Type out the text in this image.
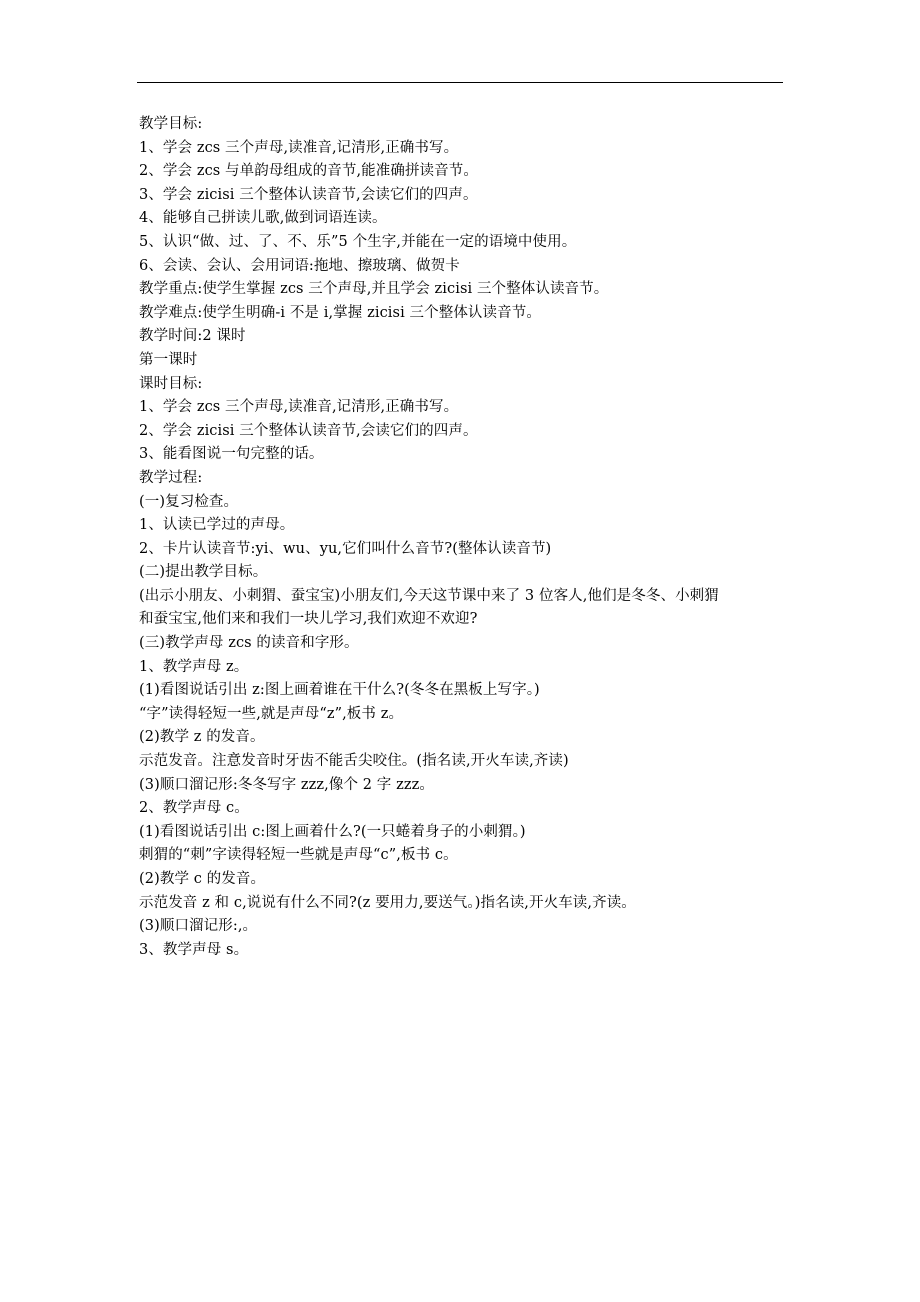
教学目标:
1、学会 zcs 三个声母,读准音,记清形,正确书写。
2、学会 zcs 与单韵母组成的音节,能准确拼读音节。
3、学会 zicisi 三个整体认读音节,会读它们的四声。
4、能够自己拼读儿歌,做到词语连读。
5、认识“做、过、了、不、乐”5 个生字,并能在一定的语境中使用。
6、会读、会认、会用词语:拖地、擦玻璃、做贺卡
教学重点:使学生掌握 zcs 三个声母,并且学会 zicisi 三个整体认读音节。
教学难点:使学生明确-i 不是 i,掌握 zicisi 三个整体认读音节。
教学时间:2 课时
第一课时
课时目标:
1、学会 zcs 三个声母,读准音,记清形,正确书写。
2、学会 zicisi 三个整体认读音节,会读它们的四声。
3、能看图说一句完整的话。
教学过程:
(一)复习检查。
1、认读已学过的声母。
2、卡片认读音节:yi、wu、yu,它们叫什么音节?(整体认读音节)
(二)提出教学目标。
(出示小朋友、小刺猬、蚕宝宝)小朋友们,今天这节课中来了 3 位客人,他们是冬冬、小刺猬
和蚕宝宝,他们来和我们一块儿学习,我们欢迎不欢迎?
(三)教学声母 zcs 的读音和字形。
1、教学声母 z。
(1)看图说话引出 z:图上画着谁在干什么?(冬冬在黑板上写字。)
“字”读得轻短一些,就是声母“z”,板书 z。
(2)教学 z 的发音。
示范发音。注意发音时牙齿不能舌尖咬住。(指名读,开火车读,齐读)
(3)顺口溜记形:冬冬写字 zzz,像个 2 字 zzz。
2、教学声母 c。
(1)看图说话引出 c:图上画着什么?(一只蜷着身子的小刺猬。)
刺猬的“刺”字读得轻短一些就是声母“c”,板书 c。
(2)教学 c 的发音。
示范发音 z 和 c,说说有什么不同?(z 要用力,要送气。)指名读,开火车读,齐读。
(3)顺口溜记形:,。
3、教学声母 s。
